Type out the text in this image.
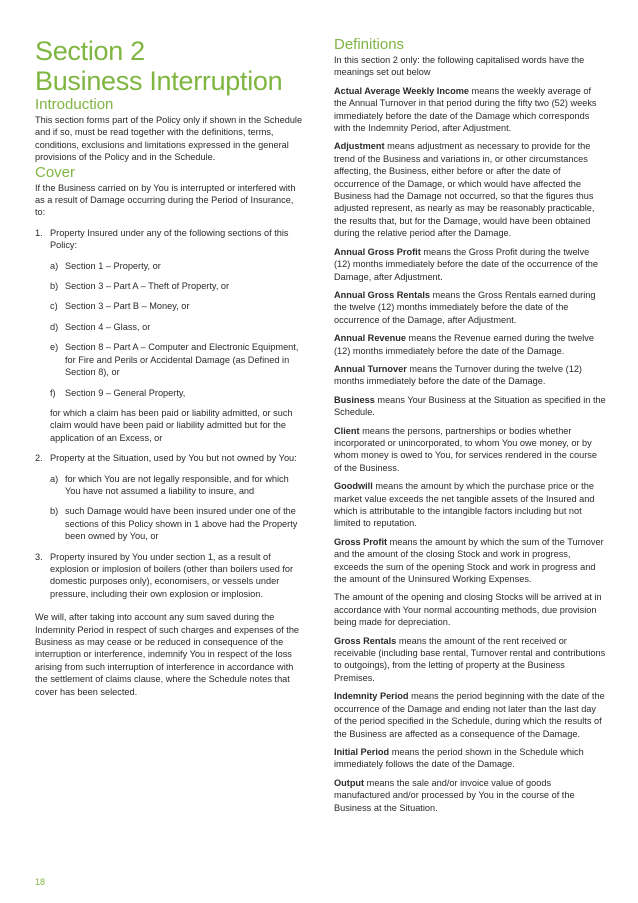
Section 2
Business Interruption
Introduction

This section forms part of the Policy only if shown in the Schedule and if so, must be read together with the definitions, terms, conditions, exclusions and limitations expressed in the general provisions of the Policy and in the Schedule.

Cover

If the Business carried on by You is interrupted or interfered with as a result of Damage occurring during the Period of Insurance, to:

1. Property Insured under any of the following sections of this Policy:
a) Section 1 – Property, or
b) Section 3 – Part A – Theft of Property, or
c) Section 3 – Part B – Money, or
d) Section 4 – Glass, or
e) Section 8 – Part A – Computer and Electronic Equipment, for Fire and Perils or Accidental Damage (as Defined in Section 8), or
f) Section 9 – General Property,

for which a claim has been paid or liability admitted, or such claim would have been paid or liability admitted but for the application of an Excess, or

2. Property at the Situation, used by You but not owned by You:
a) for which You are not legally responsible, and for which You have not assumed a liability to insure, and
b) such Damage would have been insured under one of the sections of this Policy shown in 1 above had the Property been owned by You, or
3. Property insured by You under section 1, as a result of explosion or implosion of boilers (other than boilers used for domestic purposes only), economisers, or vessels under pressure, including their own explosion or implosion.

We will, after taking into account any sum saved during the Indemnity Period in respect of such charges and expenses of the Business as may cease or be reduced in consequence of the interruption or interference, indemnify You in respect of the loss arising from such interruption of interference in accordance with the settlement of claims clause, where the Schedule notes that cover has been selected.

Definitions

In this section 2 only: the following capitalised words have the meanings set out below

Actual Average Weekly Income means the weekly average of the Annual Turnover in that period during the fifty two (52) weeks immediately before the date of the Damage which corresponds with the Indemnity Period, after Adjustment.

Adjustment means adjustment as necessary to provide for the trend of the Business and variations in, or other circumstances affecting, the Business, either before or after the date of occurrence of the Damage, or which would have affected the Business had the Damage not occurred, so that the figures thus adjusted represent, as nearly as may be reasonably practicable, the results that, but for the Damage, would have been obtained during the relative period after the Damage.

Annual Gross Profit means the Gross Profit during the twelve (12) months immediately before the date of the occurrence of the Damage, after Adjustment.

Annual Gross Rentals means the Gross Rentals earned during the twelve (12) months immediately before the date of the occurrence of the Damage, after Adjustment.

Annual Revenue means the Revenue earned during the twelve (12) months immediately before the date of the Damage.

Annual Turnover means the Turnover during the twelve (12) months immediately before the date of the Damage.

Business means Your Business at the Situation as specified in the Schedule.

Client means the persons, partnerships or bodies whether incorporated or unincorporated, to whom You owe money, or by whom money is owed to You, for services rendered in the course of the Business.

Goodwill means the amount by which the purchase price or the market value exceeds the net tangible assets of the Insured and which is attributable to the intangible factors including but not limited to reputation.

Gross Profit means the amount by which the sum of the Turnover and the amount of the closing Stock and work in progress, exceeds the sum of the opening Stock and work in progress and the amount of the Uninsured Working Expenses.

The amount of the opening and closing Stocks will be arrived at in accordance with Your normal accounting methods, due provision being made for depreciation.

Gross Rentals means the amount of the rent received or receivable (including base rental, Turnover rental and contributions to outgoings), from the letting of property at the Business Premises.

Indemnity Period means the period beginning with the date of the occurrence of the Damage and ending not later than the last day of the period specified in the Schedule, during which the results of the Business are affected as a consequence of the Damage.

Initial Period means the period shown in the Schedule which immediately follows the date of the Damage.

Output means the sale and/or invoice value of goods manufactured and/or processed by You in the course of the Business at the Situation.

18
